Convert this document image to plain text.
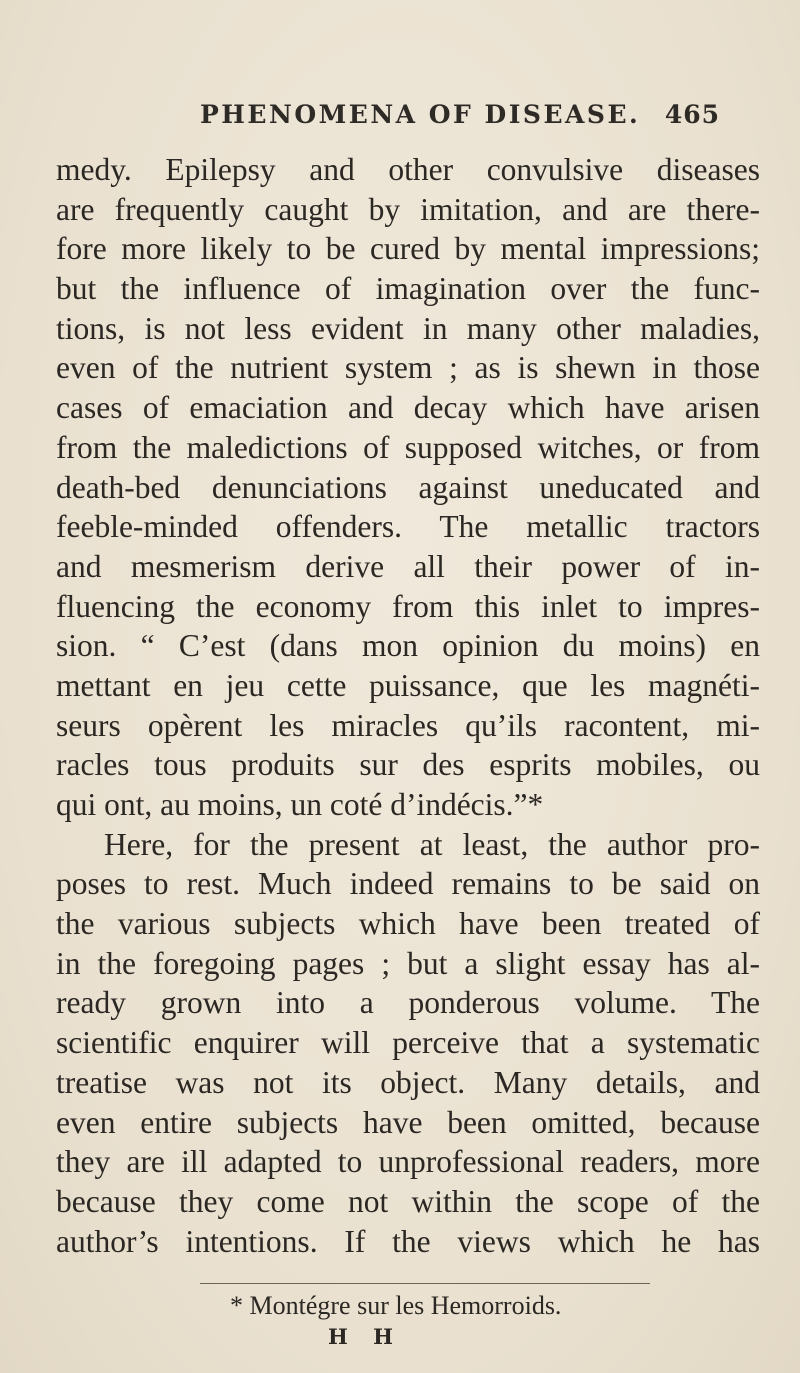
PHENOMENA OF DISEASE. 465
medy. Epilepsy and other convulsive diseases
are frequently caught by imitation, and are there-
fore more likely to be cured by mental impressions;
but the influence of imagination over the func-
tions, is not less evident in many other maladies,
even of the nutrient system ; as is shewn in those
cases of emaciation and decay which have arisen
from the maledictions of supposed witches, or from
death-bed denunciations against uneducated and
feeble-minded offenders. The metallic tractors
and mesmerism derive all their power of in-
fluencing the economy from this inlet to impres-
sion. “ C’est (dans mon opinion du moins) en
mettant en jeu cette puissance, que les magnéti-
seurs opèrent les miracles qu’ils racontent, mi-
racles tous produits sur des esprits mobiles, ou
qui ont, au moins, un coté d’indécis.”*
Here, for the present at least, the author pro-
poses to rest. Much indeed remains to be said on
the various subjects which have been treated of
in the foregoing pages ; but a slight essay has al-
ready grown into a ponderous volume. The
scientific enquirer will perceive that a systematic
treatise was not its object. Many details, and
even entire subjects have been omitted, because
they are ill adapted to unprofessional readers, more
because they come not within the scope of the
author’s intentions. If the views which he has
* Montégre sur les Hemorroids.
H H
